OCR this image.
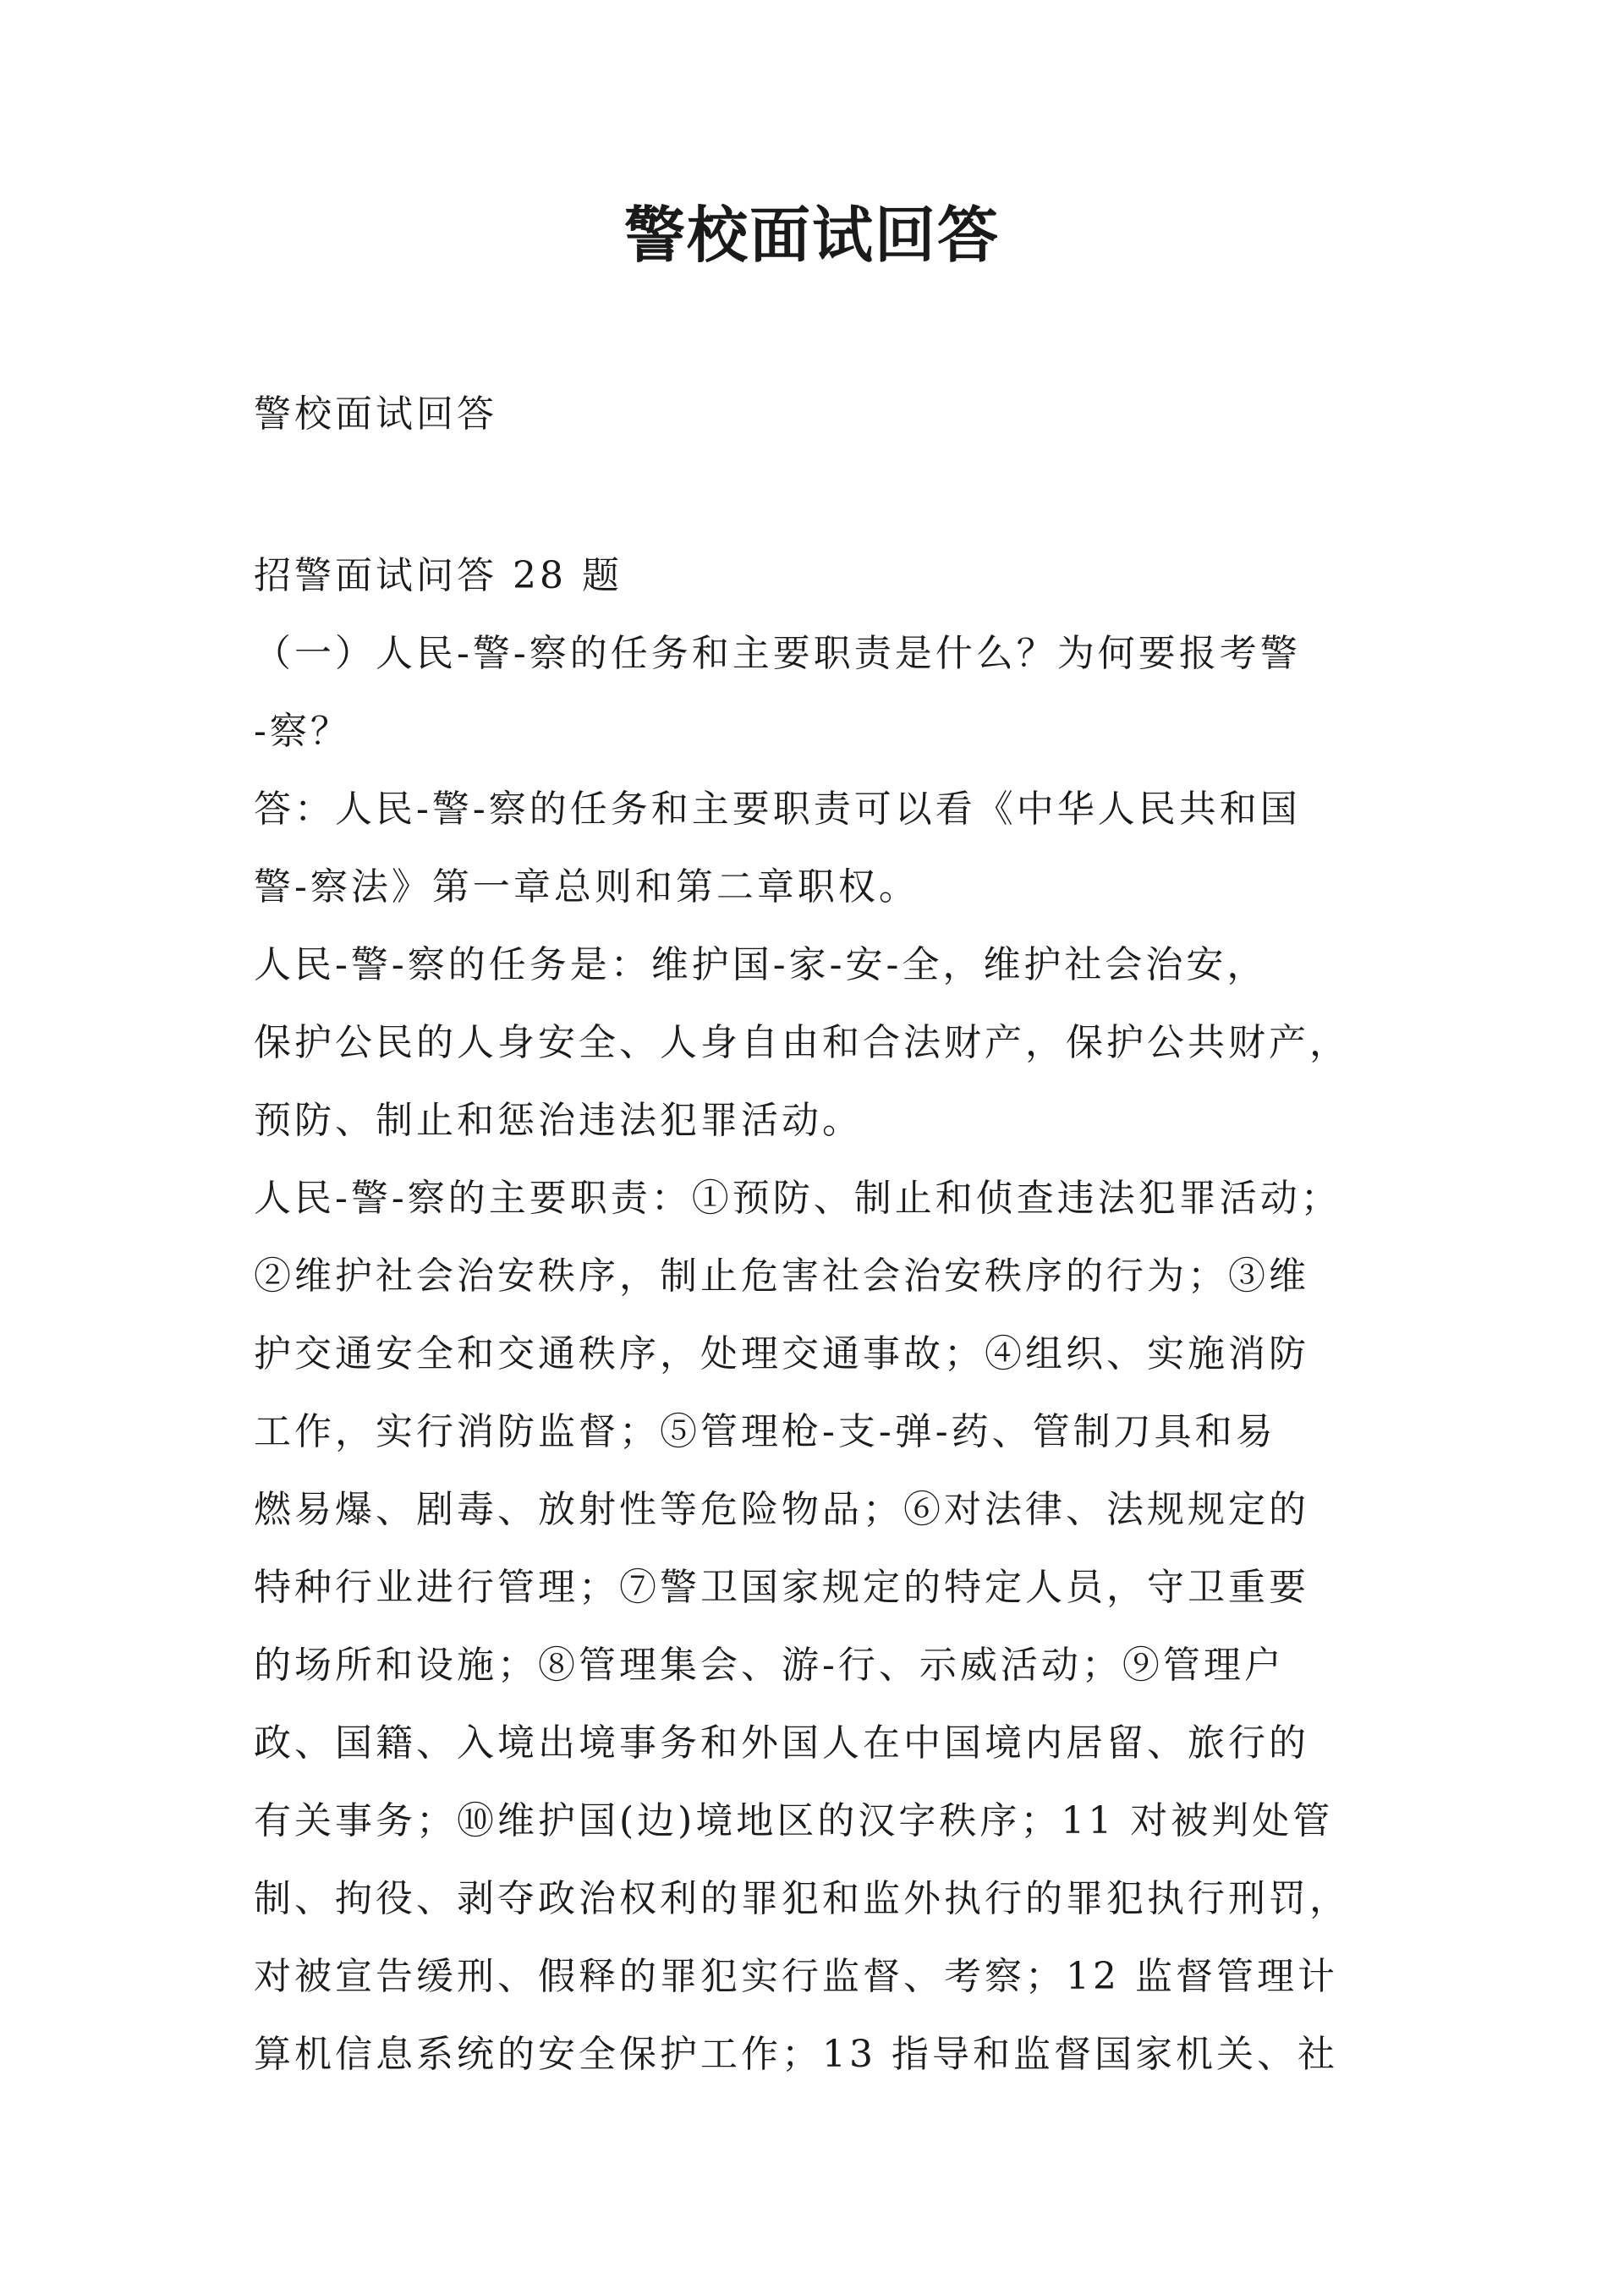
警校面试回答
警校面试回答
招警面试问答 28 题
（一）人民-警-察的任务和主要职责是什么？为何要报考警
-察？
答：人民-警-察的任务和主要职责可以看《中华人民共和国
警-察法》第一章总则和第二章职权。
人民-警-察的任务是：维护国-家-安-全，维护社会治安，
保护公民的人身安全、人身自由和合法财产，保护公共财产，
预防、制止和惩治违法犯罪活动。
人民-警-察的主要职责：①预防、制止和侦查违法犯罪活动；
②维护社会治安秩序，制止危害社会治安秩序的行为；③维
护交通安全和交通秩序，处理交通事故；④组织、实施消防
工作，实行消防监督；⑤管理枪-支-弹-药、管制刀具和易
燃易爆、剧毒、放射性等危险物品；⑥对法律、法规规定的
特种行业进行管理；⑦警卫国家规定的特定人员，守卫重要
的场所和设施；⑧管理集会、游-行、示威活动；⑨管理户
政、国籍、入境出境事务和外国人在中国境内居留、旅行的
有关事务；⑩维护国(边)境地区的汉字秩序；11 对被判处管
制、拘役、剥夺政治权利的罪犯和监外执行的罪犯执行刑罚，
对被宣告缓刑、假释的罪犯实行监督、考察；12 监督管理计
算机信息系统的安全保护工作；13 指导和监督国家机关、社
